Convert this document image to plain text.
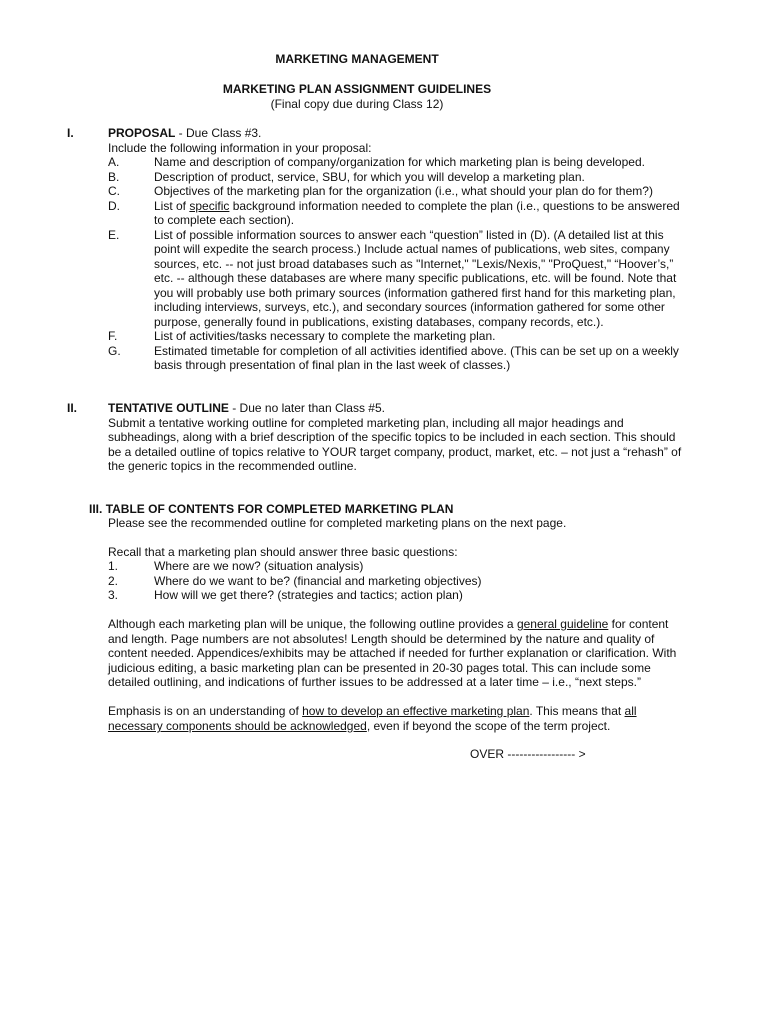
MARKETING MANAGEMENT
MARKETING PLAN ASSIGNMENT GUIDELINES
(Final copy due during Class 12)
I.	PROPOSAL - Due Class #3.
Include the following information in your proposal:
A.	Name and description of company/organization for which marketing plan is being developed.
B.	Description of product, service, SBU, for which you will develop a marketing plan.
C.	Objectives of the marketing plan for the organization (i.e., what should your plan do for them?)
D.	List of specific background information needed to complete the plan (i.e., questions to be answered
to complete each section).
E.	List of possible information sources to answer each “question” listed in (D). (A detailed list at this
point will expedite the search process.) Include actual names of publications, web sites, company
sources, etc. -- not just broad databases such as "Internet," "Lexis/Nexis," "ProQuest," “Hoover’s,”
etc. -- although these databases are where many specific publications, etc. will be found. Note that
you will probably use both primary sources (information gathered first hand for this marketing plan,
including interviews, surveys, etc.), and secondary sources (information gathered for some other
purpose, generally found in publications, existing databases, company records, etc.).
F.	List of activities/tasks necessary to complete the marketing plan.
G.	Estimated timetable for completion of all activities identified above. (This can be set up on a weekly
basis through presentation of final plan in the last week of classes.)
II.	TENTATIVE OUTLINE - Due no later than Class #5.
Submit a tentative working outline for completed marketing plan, including all major headings and
subheadings, along with a brief description of the specific topics to be included in each section. This should
be a detailed outline of topics relative to YOUR target company, product, market, etc. – not just a “rehash” of
the generic topics in the recommended outline.
III. TABLE OF CONTENTS FOR COMPLETED MARKETING PLAN
Please see the recommended outline for completed marketing plans on the next page.
Recall that a marketing plan should answer three basic questions:
1.	Where are we now? (situation analysis)
2.	Where do we want to be? (financial and marketing objectives)
3.	How will we get there? (strategies and tactics; action plan)
Although each marketing plan will be unique, the following outline provides a general guideline for content
and length. Page numbers are not absolutes! Length should be determined by the nature and quality of
content needed. Appendices/exhibits may be attached if needed for further explanation or clarification. With
judicious editing, a basic marketing plan can be presented in 20-30 pages total. This can include some
detailed outlining, and indications of further issues to be addressed at a later time – i.e., “next steps.”
Emphasis is on an understanding of how to develop an effective marketing plan. This means that all
necessary components should be acknowledged, even if beyond the scope of the term project.
OVER ----------------- >
